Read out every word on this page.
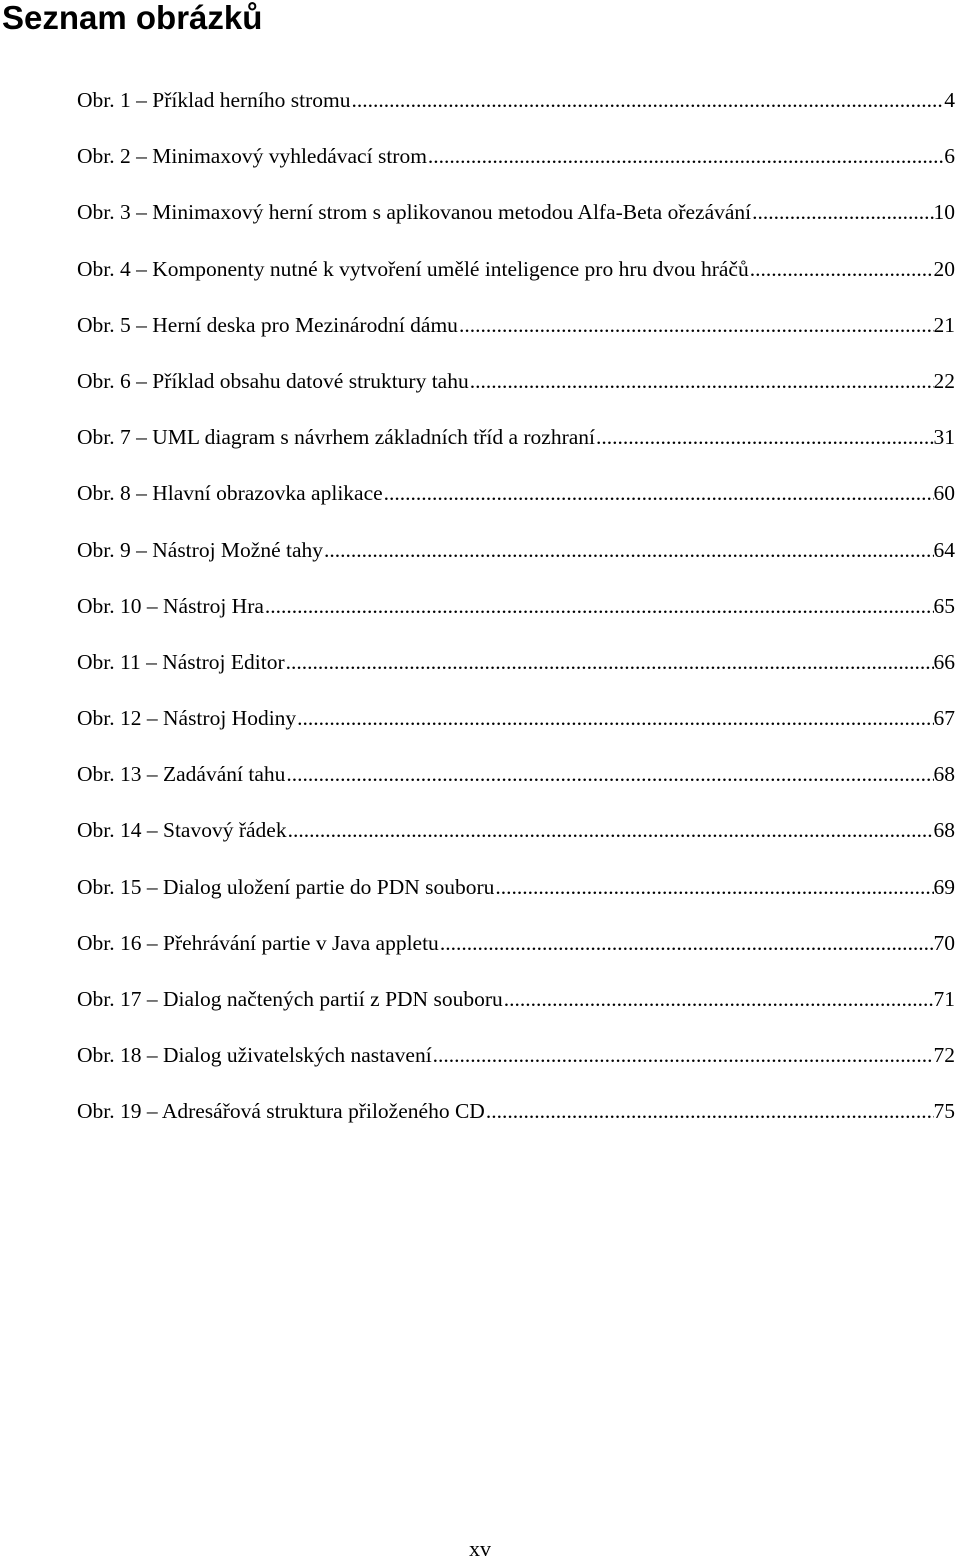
Seznam obrázků
Obr. 1 – Příklad herního stromu .....	4
Obr. 2 – Minimaxový vyhledávací strom .....	6
Obr. 3 – Minimaxový herní strom s aplikovanou metodou Alfa-Beta ořezávání .....	10
Obr. 4 – Komponenty nutné k vytvoření umělé inteligence pro hru dvou hráčů .....	20
Obr. 5 – Herní deska pro Mezinárodní dámu .....	21
Obr. 6 – Příklad obsahu datové struktury tahu .....	22
Obr. 7 – UML diagram s návrhem základních tříd a rozhraní .....	31
Obr. 8 – Hlavní obrazovka aplikace .....	60
Obr. 9 – Nástroj Možné tahy .....	64
Obr. 10 – Nástroj Hra .....	65
Obr. 11 – Nástroj Editor .....	66
Obr. 12 – Nástroj Hodiny .....	67
Obr. 13 – Zadávání tahu .....	68
Obr. 14 – Stavový řádek .....	68
Obr. 15 – Dialog uložení partie do PDN souboru .....	69
Obr. 16 – Přehrávání partie v Java appletu .....	70
Obr. 17 – Dialog načtených partií z PDN souboru .....	71
Obr. 18 – Dialog uživatelských nastavení .....	72
Obr. 19 – Adresářová struktura přiloženého CD .....	75
xv
